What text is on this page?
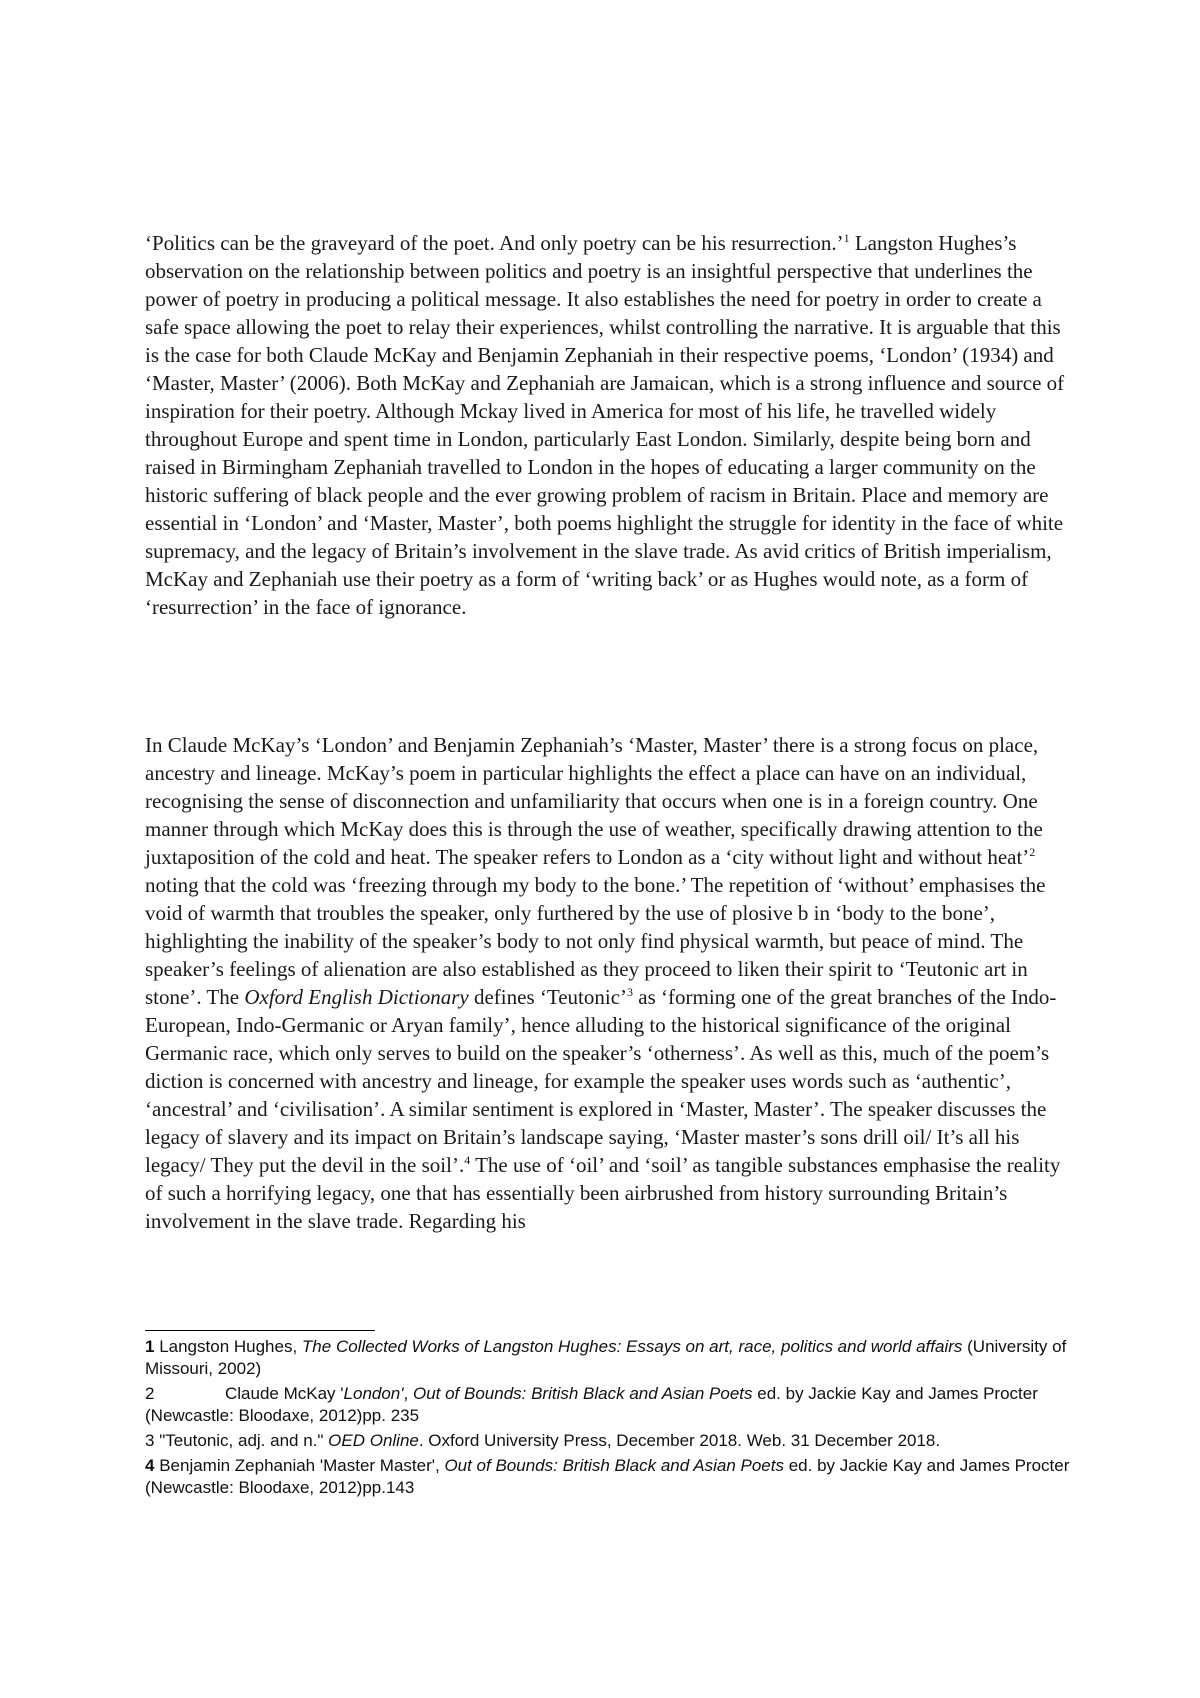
‘Politics can be the graveyard of the poet. And only poetry can be his resurrection.’$^1$ Langston Hughes’s observation on the relationship between politics and poetry is an insightful perspective that underlines the power of poetry in producing a political message. It also establishes the need for poetry in order to create a safe space allowing the poet to relay their experiences, whilst controlling the narrative. It is arguable that this is the case for both Claude McKay and Benjamin Zephaniah in their respective poems, ‘London’ (1934) and ‘Master, Master’ (2006). Both McKay and Zephaniah are Jamaican, which is a strong influence and source of inspiration for their poetry. Although Mckay lived in America for most of his life, he travelled widely throughout Europe and spent time in London, particularly East London. Similarly, despite being born and raised in Birmingham Zephaniah travelled to London in the hopes of educating a larger community on the historic suffering of black people and the ever growing problem of racism in Britain. Place and memory are essential in ‘London’ and ‘Master, Master’, both poems highlight the struggle for identity in the face of white supremacy, and the legacy of Britain’s involvement in the slave trade. As avid critics of British imperialism, McKay and Zephaniah use their poetry as a form of ‘writing back’ or as Hughes would note, as a form of ‘resurrection’ in the face of ignorance.

In Claude McKay’s ‘London’ and Benjamin Zephaniah’s ‘Master, Master’ there is a strong focus on place, ancestry and lineage. McKay’s poem in particular highlights the effect a place can have on an individual, recognising the sense of disconnection and unfamiliarity that occurs when one is in a foreign country. One manner through which McKay does this is through the use of weather, specifically drawing attention to the juxtaposition of the cold and heat. The speaker refers to London as a ‘city without light and without heat’$^2$ noting that the cold was ‘freezing through my body to the bone.’ The repetition of ‘without’ emphasises the void of warmth that troubles the speaker, only furthered by the use of plosive b in ‘body to the bone’, highlighting the inability of the speaker’s body to not only find physical warmth, but peace of mind. The speaker’s feelings of alienation are also established as they proceed to liken their spirit to ‘Teutonic art in stone’. The Oxford English Dictionary defines ‘Teutonic’$^3$ as ‘forming one of the great branches of the Indo-European, Indo-Germanic or Aryan family’, hence alluding to the historical significance of the original Germanic race, which only serves to build on the speaker’s ‘otherness’. As well as this, much of the poem’s diction is concerned with ancestry and lineage, for example the speaker uses words such as ‘authentic’, ‘ancestral’ and ‘civilisation’. A similar sentiment is explored in ‘Master, Master’. The speaker discusses the legacy of slavery and its impact on Britain’s landscape saying, ‘Master master’s sons drill oil/ It’s all his legacy/ They put the devil in the soil’.$^4$ The use of ‘oil’ and ‘soil’ as tangible substances emphasise the reality of such a horrifying legacy, one that has essentially been airbrushed from history surrounding Britain’s involvement in the slave trade. Regarding his

1 Langston Hughes, The Collected Works of Langston Hughes: Essays on art, race, politics and world affairs (University of Missouri, 2002)

2	Claude McKay 'London', Out of Bounds: British Black and Asian Poets ed. by Jackie Kay and James Procter (Newcastle: Bloodaxe, 2012)pp. 235

3 "Teutonic, adj. and n." OED Online. Oxford University Press, December 2018. Web. 31 December 2018.

4 Benjamin Zephaniah 'Master Master', Out of Bounds: British Black and Asian Poets ed. by Jackie Kay and James Procter (Newcastle: Bloodaxe, 2012)pp.143
